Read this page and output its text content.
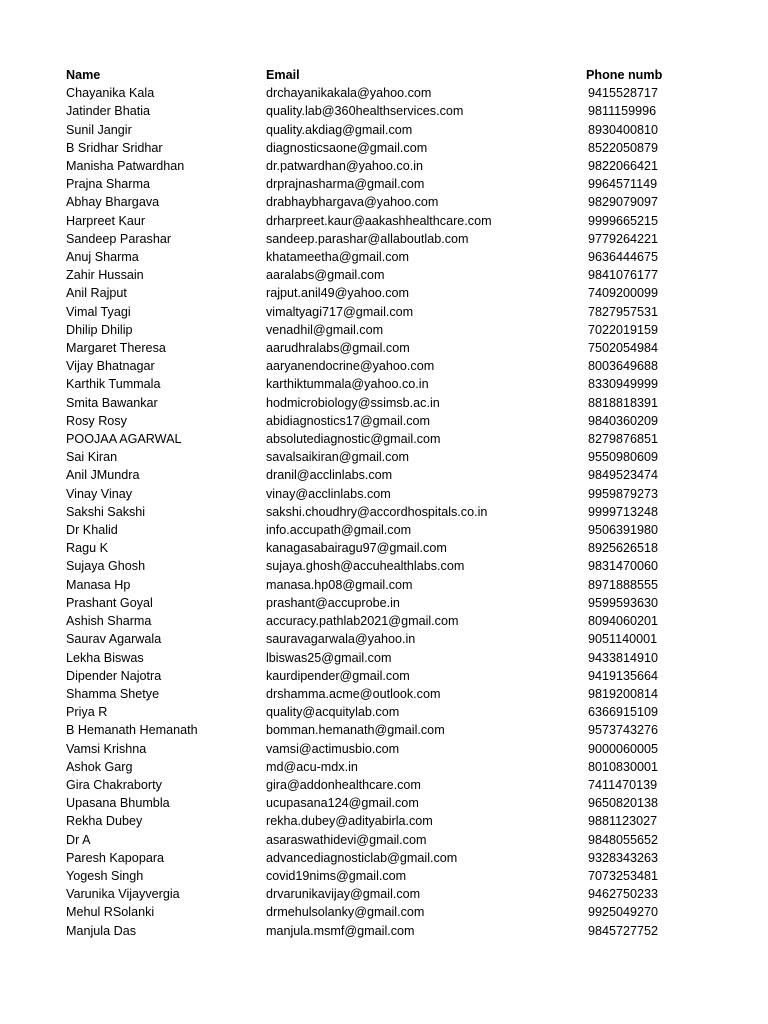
Name	Email	Phone numb
Chayanika Kala	drchayanikakala@yahoo.com	9415528717
Jatinder Bhatia	quality.lab@360healthservices.com	9811159996
Sunil Jangir	quality.akdiag@gmail.com	8930400810
B Sridhar Sridhar	diagnosticsaone@gmail.com	8522050879
Manisha Patwardhan	dr.patwardhan@yahoo.co.in	9822066421
Prajna Sharma	drprajnasharma@gmail.com	9964571149
Abhay Bhargava	drabhaybhargava@yahoo.com	9829079097
Harpreet Kaur	drharpreet.kaur@aakashhealthcare.com	9999665215
Sandeep Parashar	sandeep.parashar@allaboutlab.com	9779264221
Anuj Sharma	khatameetha@gmail.com	9636444675
Zahir Hussain	aaralabs@gmail.com	9841076177
Anil Rajput	rajput.anil49@yahoo.com	7409200099
Vimal Tyagi	vimaltyagi717@gmail.com	7827957531
Dhilip Dhilip	venadhil@gmail.com	7022019159
Margaret Theresa	aarudhralabs@gmail.com	7502054984
Vijay Bhatnagar	aaryanendocrine@yahoo.com	8003649688
Karthik Tummala	karthiktummala@yahoo.co.in	8330949999
Smita Bawankar	hodmicrobiology@ssimsb.ac.in	8818818391
Rosy Rosy	abidiagnostics17@gmail.com	9840360209
POOJAA AGARWAL	absolutediagnostic@gmail.com	8279876851
Sai Kiran	savalsaikiran@gmail.com	9550980609
Anil JMundra	dranil@acclinlabs.com	9849523474
Vinay Vinay	vinay@acclinlabs.com	9959879273
Sakshi Sakshi	sakshi.choudhry@accordhospitals.co.in	9999713248
Dr Khalid	info.accupath@gmail.com	9506391980
Ragu K	kanagasabairagu97@gmail.com	8925626518
Sujaya Ghosh	sujaya.ghosh@accuhealthlabs.com	9831470060
Manasa Hp	manasa.hp08@gmail.com	8971888555
Prashant Goyal	prashant@accuprobe.in	9599593630
Ashish Sharma	accuracy.pathlab2021@gmail.com	8094060201
Saurav Agarwala	sauravagarwala@yahoo.in	9051140001
Lekha Biswas	lbiswas25@gmail.com	9433814910
Dipender Najotra	kaurdipender@gmail.com	9419135664
Shamma Shetye	drshamma.acme@outlook.com	9819200814
Priya R	quality@acquitylab.com	6366915109
B Hemanath Hemanath	bomman.hemanath@gmail.com	9573743276
Vamsi Krishna	vamsi@actimusbio.com	9000060005
Ashok Garg	md@acu-mdx.in	8010830001
Gira Chakraborty	gira@addonhealthcare.com	7411470139
Upasana Bhumbla	ucupasana124@gmail.com	9650820138
Rekha Dubey	rekha.dubey@adityabirla.com	9881123027
Dr A	asaraswathidevi@gmail.com	9848055652
Paresh Kapopara	advancediagnosticlab@gmail.com	9328343263
Yogesh Singh	covid19nims@gmail.com	7073253481
Varunika Vijayvergia	drvarunikavijay@gmail.com	9462750233
Mehul RSolanki	drmehulsolanky@gmail.com	9925049270
Manjula Das	manjula.msmf@gmail.com	9845727752
